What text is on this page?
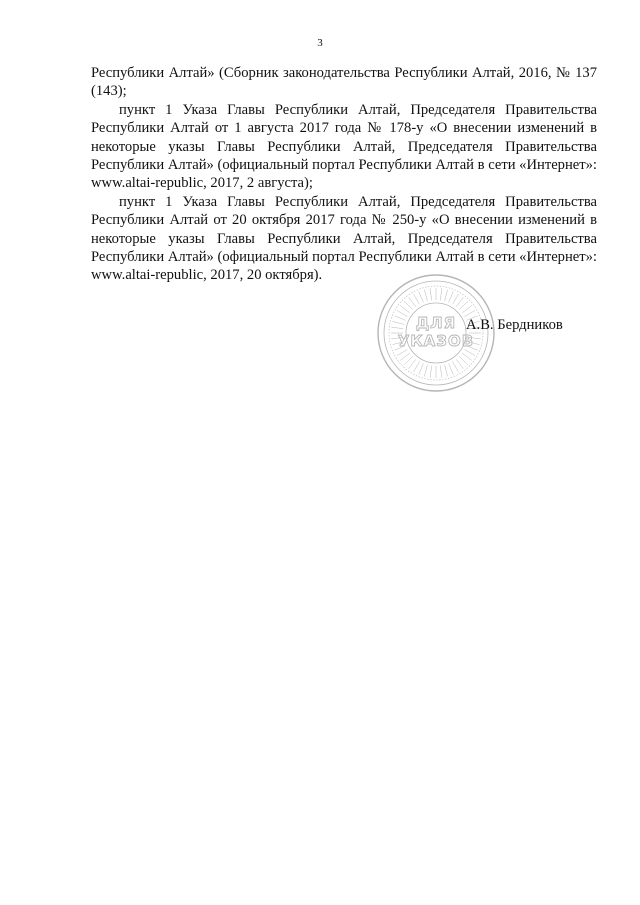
3

Республики Алтай» (Сборник законодательства Республики Алтай, 2016, № 137 (143);

пункт 1 Указа Главы Республики Алтай, Председателя Правительства Республики Алтай от 1 августа 2017 года № 178-у «О внесении изменений в некоторые указы Главы Республики Алтай, Председателя Правительства Республики Алтай» (официальный портал Республики Алтай в сети «Интернет»: www.altai-republic, 2017, 2 августа);

пункт 1 Указа Главы Республики Алтай, Председателя Правительства Республики Алтай от 20 октября 2017 года № 250-у «О внесении изменений в некоторые указы Главы Республики Алтай, Председателя Правительства Республики Алтай» (официальный портал Республики Алтай в сети «Интернет»: www.altai-republic, 2017, 20 октября).

ДЛЯ
УКАЗОВ
А.В. Бердников
